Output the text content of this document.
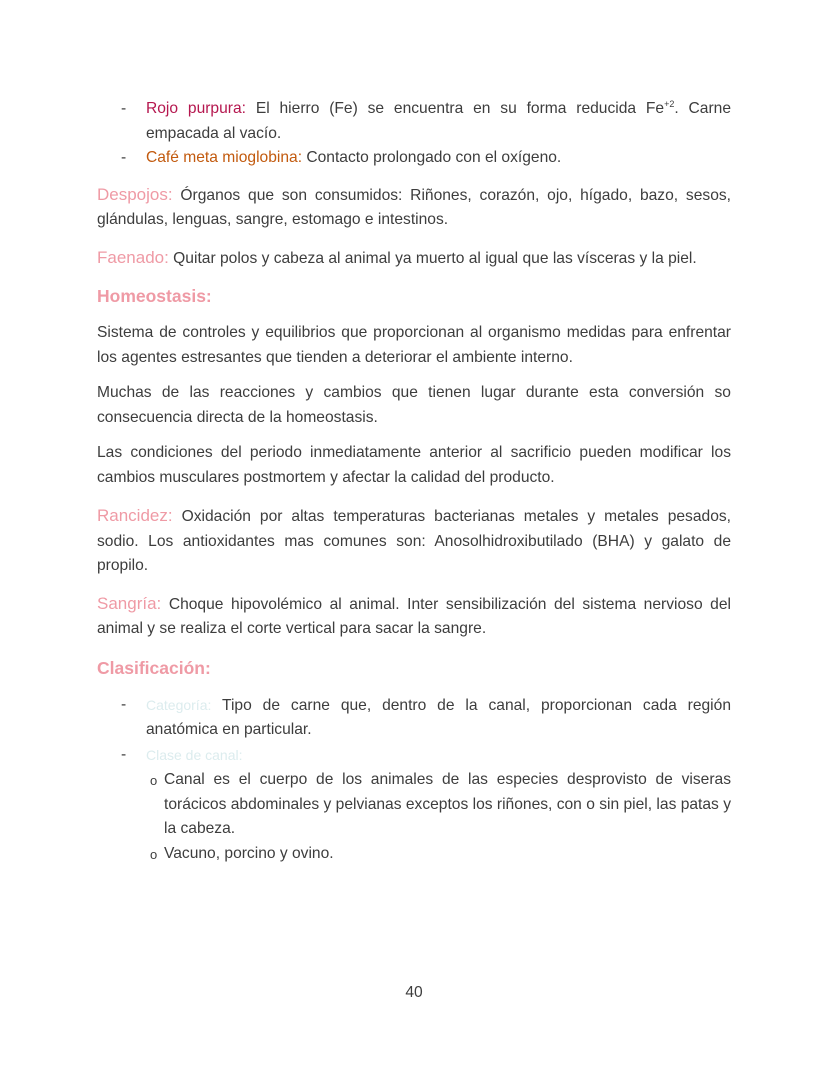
- Rojo purpura: El hierro (Fe) se encuentra en su forma reducida $Fe^{+2}$. Carne empacada al vacío.
- Café meta mioglobina: Contacto prolongado con el oxígeno.

Despojos: Órganos que son consumidos: Riñones, corazón, ojo, hígado, bazo, sesos, glándulas, lenguas, sangre, estomago e intestinos.

Faenado: Quitar polos y cabeza al animal ya muerto al igual que las vísceras y la piel.

Homeostasis:

Sistema de controles y equilibrios que proporcionan al organismo medidas para enfrentar los agentes estresantes que tienden a deteriorar el ambiente interno.

Muchas de las reacciones y cambios que tienen lugar durante esta conversión so consecuencia directa de la homeostasis.

Las condiciones del periodo inmediatamente anterior al sacrificio pueden modificar los cambios musculares postmortem y afectar la calidad del producto.

Rancidez: Oxidación por altas temperaturas bacterianas metales y metales pesados, sodio. Los antioxidantes mas comunes son: Anosolhidroxibutilado (BHA) y galato de propilo.

Sangría: Choque hipovolémico al animal. Inter sensibilización del sistema nervioso del animal y se realiza el corte vertical para sacar la sangre.

Clasificación:
- Categoría: Tipo de carne que, dentro de la canal, proporcionan cada región anatómica en particular.
- Clase de canal:
o Canal es el cuerpo de los animales de las especies desprovisto de viseras torácicos abdominales y pelvianas exceptos los riñones, con o sin piel, las patas y la cabeza.
o Vacuno, porcino y ovino.
40
